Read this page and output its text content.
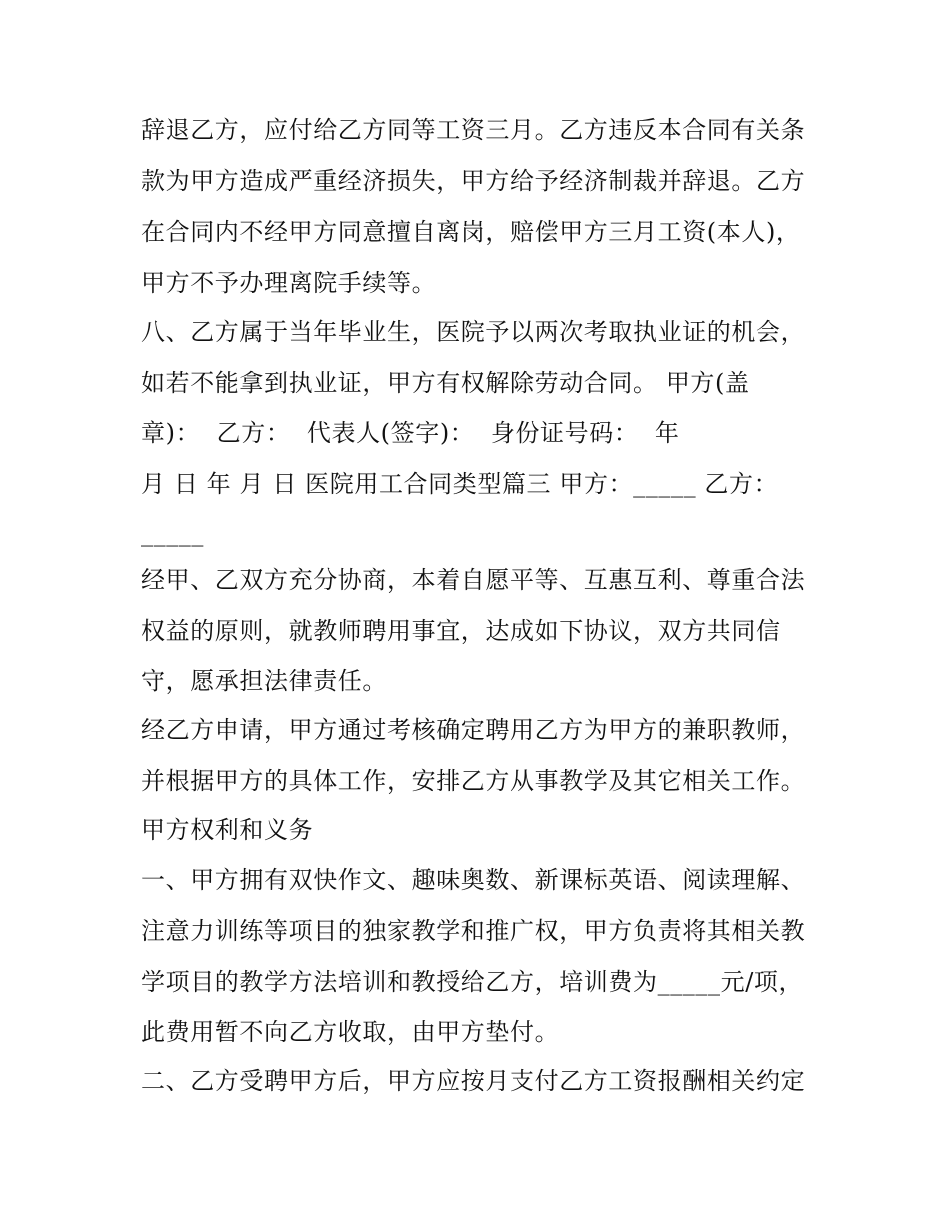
辞退乙方，应付给乙方同等工资三月。乙方违反本合同有关条
款为甲方造成严重经济损失，甲方给予经济制裁并辞退。乙方
在合同内不经甲方同意擅自离岗，赔偿甲方三月工资(本人)，
甲方不予办理离院手续等。
八、乙方属于当年毕业生，医院予以两次考取执业证的机会，
如若不能拿到执业证，甲方有权解除劳动合同。 甲方(盖
章)：  乙方：  代表人(签字)：  身份证号码：  年
月 日 年 月 日 医院用工合同类型篇三 甲方：_____ 乙方：
_____
经甲、乙双方充分协商，本着自愿平等、互惠互利、尊重合法
权益的原则，就教师聘用事宜，达成如下协议，双方共同信
守，愿承担法律责任。
经乙方申请，甲方通过考核确定聘用乙方为甲方的兼职教师，
并根据甲方的具体工作，安排乙方从事教学及其它相关工作。
甲方权利和义务
一、甲方拥有双快作文、趣味奥数、新课标英语、阅读理解、
注意力训练等项目的独家教学和推广权，甲方负责将其相关教
学项目的教学方法培训和教授给乙方，培训费为_____元/项，
此费用暂不向乙方收取，由甲方垫付。
二、乙方受聘甲方后，甲方应按月支付乙方工资报酬相关约定
